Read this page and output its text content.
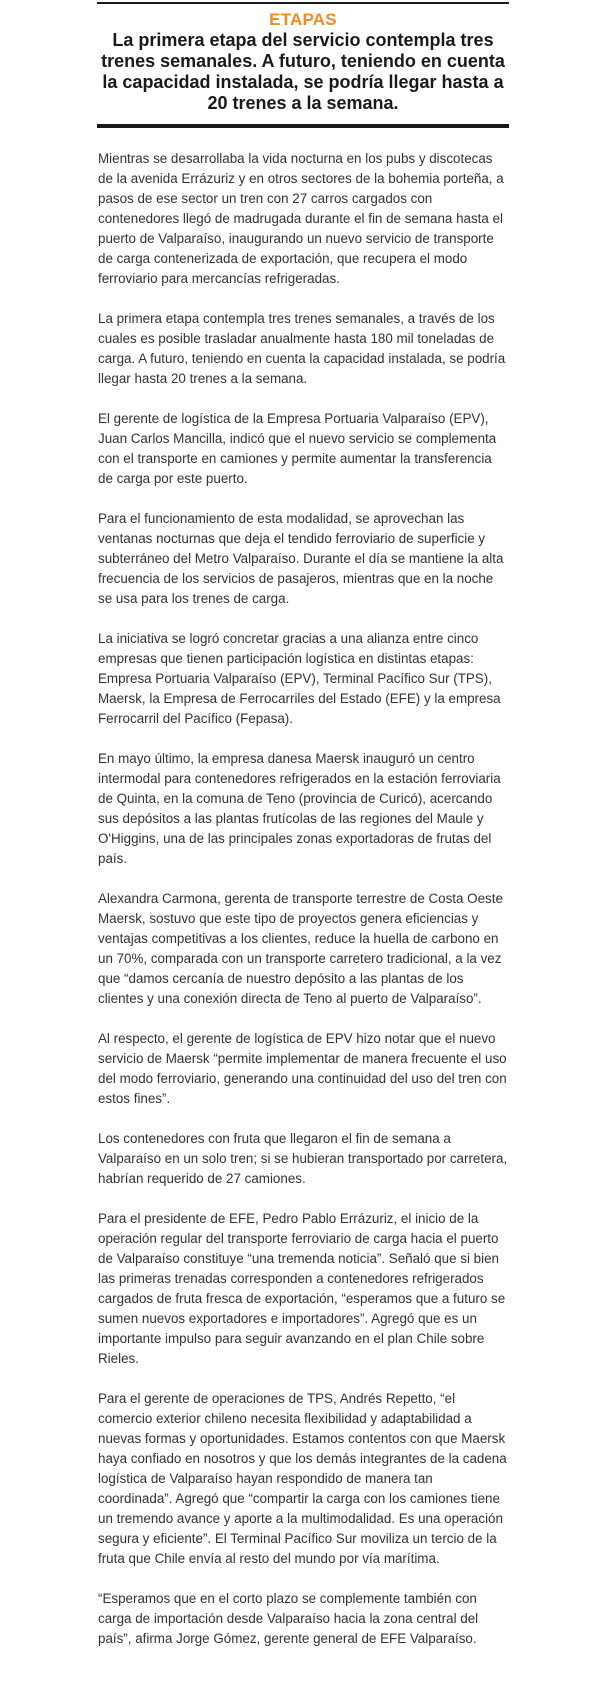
ETAPAS
La primera etapa del servicio contempla tres trenes semanales. A futuro, teniendo en cuenta la capacidad instalada, se podría llegar hasta a 20 trenes a la semana.

Mientras se desarrollaba la vida nocturna en los pubs y discotecas de la avenida Errázuriz y en otros sectores de la bohemia porteña, a pasos de ese sector un tren con 27 carros cargados con contenedores llegó de madrugada durante el fin de semana hasta el puerto de Valparaíso, inaugurando un nuevo servicio de transporte de carga contenerizada de exportación, que recupera el modo ferroviario para mercancías refrigeradas.

La primera etapa contempla tres trenes semanales, a través de los cuales es posible trasladar anualmente hasta 180 mil toneladas de carga. A futuro, teniendo en cuenta la capacidad instalada, se podría llegar hasta 20 trenes a la semana.

El gerente de logística de la Empresa Portuaria Valparaíso (EPV), Juan Carlos Mancilla, indicó que el nuevo servicio se complementa con el transporte en camiones y permite aumentar la transferencia de carga por este puerto.

Para el funcionamiento de esta modalidad, se aprovechan las ventanas nocturnas que deja el tendido ferroviario de superficie y subterráneo del Metro Valparaíso. Durante el día se mantiene la alta frecuencia de los servicios de pasajeros, mientras que en la noche se usa para los trenes de carga.

La iniciativa se logró concretar gracias a una alianza entre cinco empresas que tienen participación logística en distintas etapas: Empresa Portuaria Valparaíso (EPV), Terminal Pacífico Sur (TPS), Maersk, la Empresa de Ferrocarriles del Estado (EFE) y la empresa Ferrocarril del Pacífico (Fepasa).

En mayo último, la empresa danesa Maersk inauguró un centro intermodal para contenedores refrigerados en la estación ferroviaria de Quinta, en la comuna de Teno (provincia de Curicó), acercando sus depósitos a las plantas frutícolas de las regiones del Maule y O'Higgins, una de las principales zonas exportadoras de frutas del país.

Alexandra Carmona, gerenta de transporte terrestre de Costa Oeste Maersk, sostuvo que este tipo de proyectos genera eficiencias y ventajas competitivas a los clientes, reduce la huella de carbono en un 70%, comparada con un transporte carretero tradicional, a la vez que “damos cercanía de nuestro depósito a las plantas de los clientes y una conexión directa de Teno al puerto de Valparaíso”.

Al respecto, el gerente de logística de EPV hizo notar que el nuevo servicio de Maersk “permite implementar de manera frecuente el uso del modo ferroviario, generando una continuidad del uso del tren con estos fines”.

Los contenedores con fruta que llegaron el fin de semana a Valparaíso en un solo tren; si se hubieran transportado por carretera, habrían requerido de 27 camiones.

Para el presidente de EFE, Pedro Pablo Errázuriz, el inicio de la operación regular del transporte ferroviario de carga hacia el puerto de Valparaíso constituye “una tremenda noticia”. Señaló que si bien las primeras trenadas corresponden a contenedores refrigerados cargados de fruta fresca de exportación, “esperamos que a futuro se sumen nuevos exportadores e importadores”. Agregó que es un importante impulso para seguir avanzando en el plan Chile sobre Rieles.

Para el gerente de operaciones de TPS, Andrés Repetto, “el comercio exterior chileno necesita flexibilidad y adaptabilidad a nuevas formas y oportunidades. Estamos contentos con que Maersk haya confiado en nosotros y que los demás integrantes de la cadena logística de Valparaíso hayan respondido de manera tan coordinada”. Agregó que “compartir la carga con los camiones tiene un tremendo avance y aporte a la multimodalidad. Es una operación segura y eficiente”. El Terminal Pacífico Sur moviliza un tercio de la fruta que Chile envía al resto del mundo por vía marítima.

“Esperamos que en el corto plazo se complemente también con carga de importación desde Valparaíso hacia la zona central del país”, afirma Jorge Gómez, gerente general de EFE Valparaíso.
